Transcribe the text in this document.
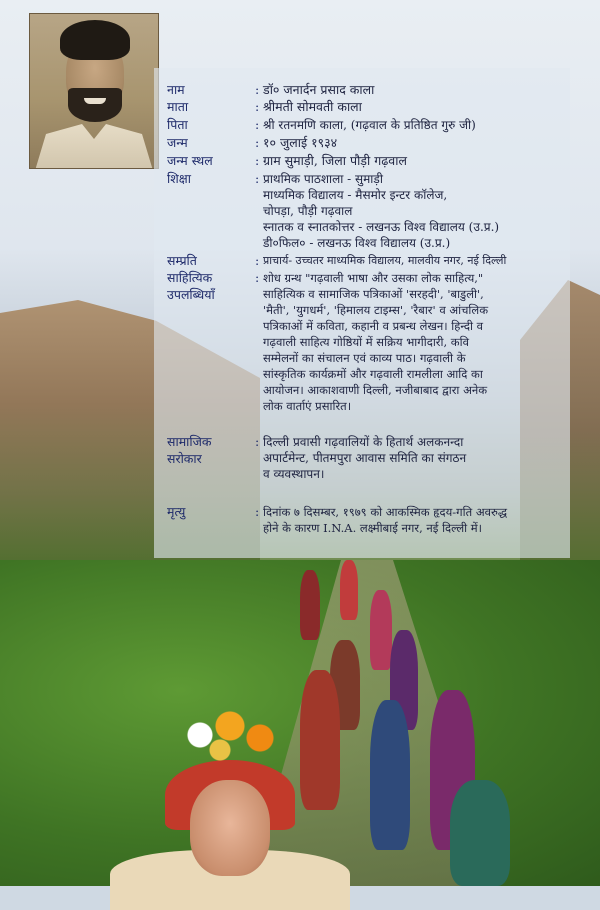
नाम	: डॉ० जनार्दन प्रसाद काला
माता	: श्रीमती सोमवती काला
पिता	: श्री रतनमणि काला, (गढ़वाल के प्रतिष्ठित गुरु जी)
जन्म	: १० जुलाई १९३४
जन्म स्थल	: ग्राम सुमाड़ी, जिला पौड़ी गढ़वाल
शिक्षा	: प्राथमिक पाठशाला - सुमाड़ी
माध्यमिक विद्यालय - मैसमोर इन्टर कॉलेज,
चोपड़ा, पौड़ी गढ़वाल
स्नातक व स्नातकोत्तर - लखनऊ विश्व विद्यालय (उ.प्र.)
डी०फिल० - लखनऊ विश्व विद्यालय (उ.प्र.)
सम्प्रति	: प्राचार्य- उच्चतर माध्यमिक विद्यालय, मालवीय नगर, नई दिल्ली
साहित्यिक
उपलब्धियाँ
: शोध ग्रन्थ "गढ़वाली भाषा और उसका लोक साहित्य,"
साहित्यिक व सामाजिक पत्रिकाओं 'सरहदी', 'बाडुली',
'मैती', 'युगधर्म', 'हिमालय टाइम्स', 'रैबार' व आंचलिक
पत्रिकाओं में कविता, कहानी व प्रबन्ध लेखन। हिन्दी व
गढ़वाली साहित्य गोष्ठियों में सक्रिय भागीदारी, कवि
सम्मेलनों का संचालन एवं काव्य पाठ। गढ़वाली के
सांस्कृतिक कार्यक्रमों और गढ़वाली रामलीला आदि का
आयोजन। आकाशवाणी दिल्ली, नजीबाबाद द्वारा अनेक
लोक वार्ताएं प्रसारित।
सामाजिक
सरोकार
: दिल्ली प्रवासी गढ़वालियों के हितार्थ अलकनन्दा
अपार्टमेन्ट, पीतमपुरा आवास समिति का संगठन
व व्यवस्थापन।
मृत्यु	: दिनांक ७ दिसम्बर, १९७९ को आकस्मिक हृदय-गति अवरुद्ध
होने के कारण I.N.A. लक्ष्मीबाई नगर, नई दिल्ली में।
